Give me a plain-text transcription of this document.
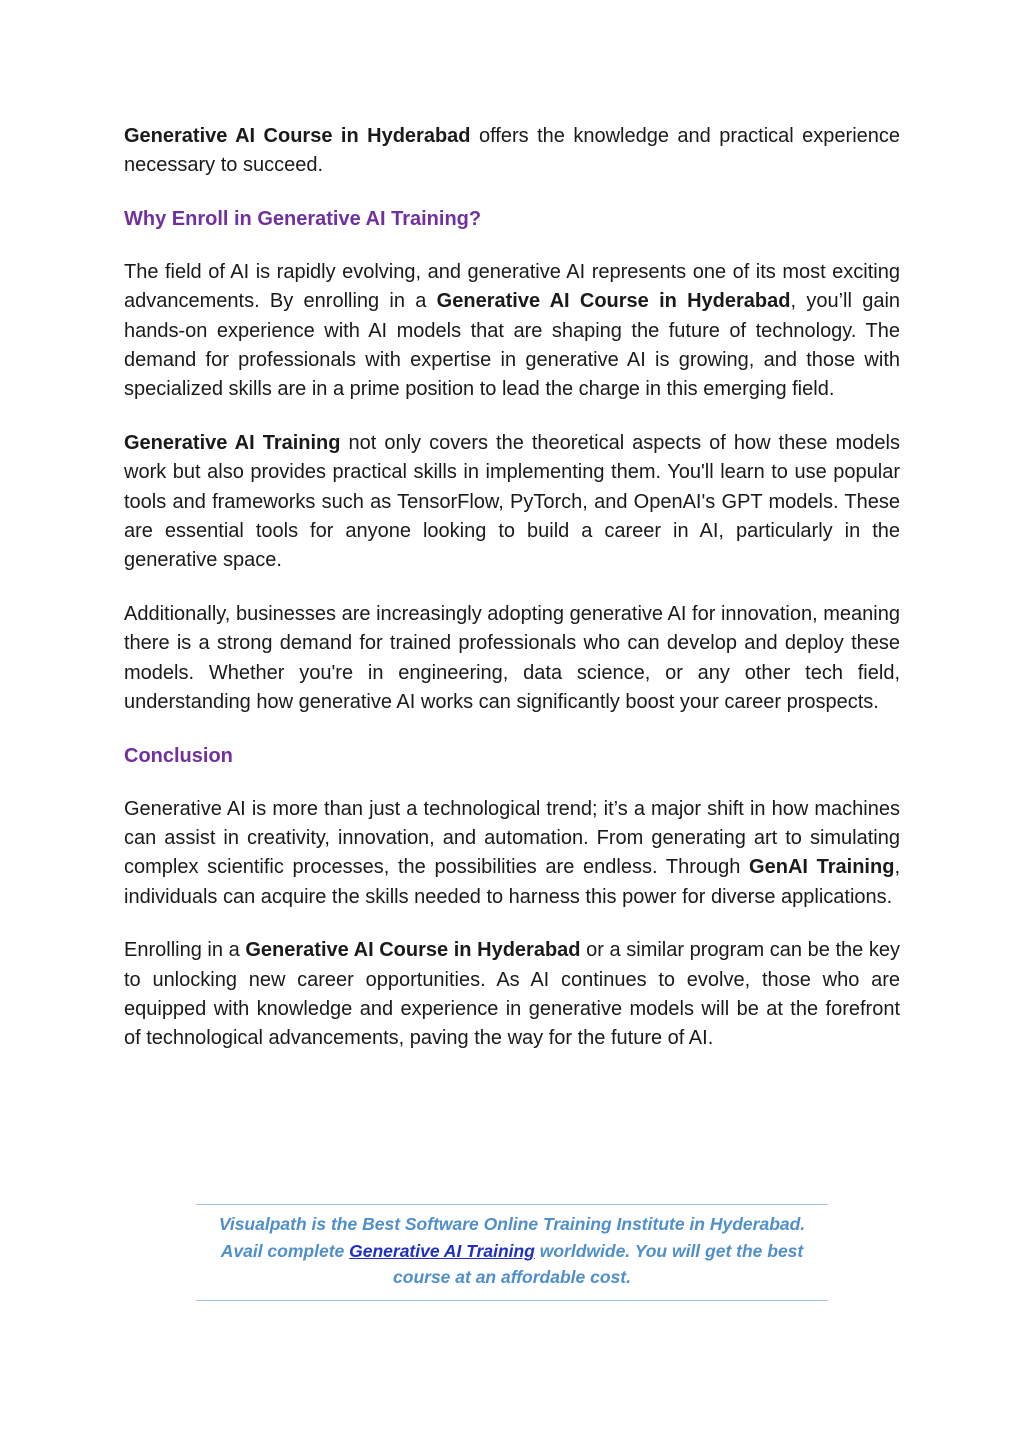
Generative AI Course in Hyderabad offers the knowledge and practical experience necessary to succeed.

Why Enroll in Generative AI Training?

The field of AI is rapidly evolving, and generative AI represents one of its most exciting advancements. By enrolling in a Generative AI Course in Hyderabad, you’ll gain hands-on experience with AI models that are shaping the future of technology. The demand for professionals with expertise in generative AI is growing, and those with specialized skills are in a prime position to lead the charge in this emerging field.

Generative AI Training not only covers the theoretical aspects of how these models work but also provides practical skills in implementing them. You'll learn to use popular tools and frameworks such as TensorFlow, PyTorch, and OpenAI's GPT models. These are essential tools for anyone looking to build a career in AI, particularly in the generative space.

Additionally, businesses are increasingly adopting generative AI for innovation, meaning there is a strong demand for trained professionals who can develop and deploy these models. Whether you're in engineering, data science, or any other tech field, understanding how generative AI works can significantly boost your career prospects.

Conclusion

Generative AI is more than just a technological trend; it’s a major shift in how machines can assist in creativity, innovation, and automation. From generating art to simulating complex scientific processes, the possibilities are endless. Through GenAI Training, individuals can acquire the skills needed to harness this power for diverse applications.

Enrolling in a Generative AI Course in Hyderabad or a similar program can be the key to unlocking new career opportunities. As AI continues to evolve, those who are equipped with knowledge and experience in generative models will be at the forefront of technological advancements, paving the way for the future of AI.

Visualpath is the Best Software Online Training Institute in Hyderabad.
Avail complete Generative AI Training worldwide. You will get the best course at an affordable cost.
